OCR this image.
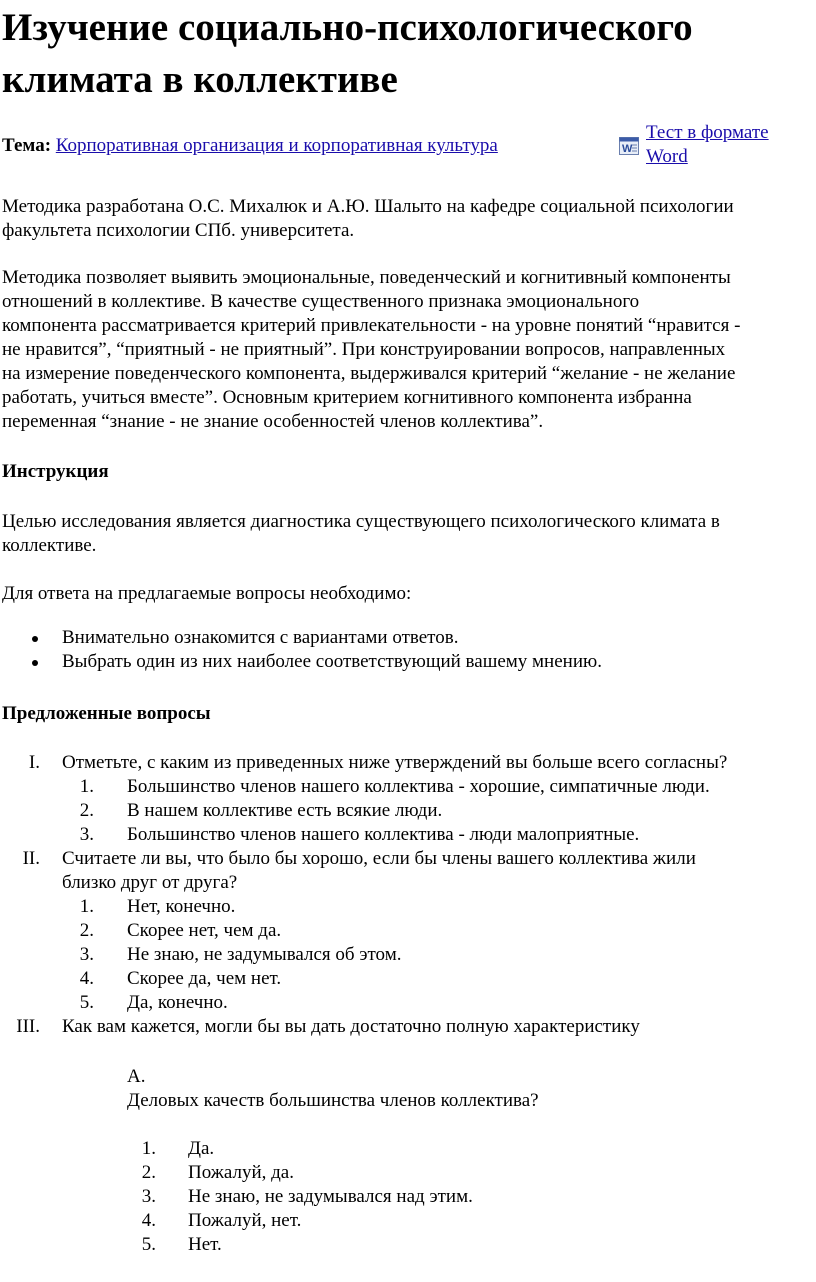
Изучение социально-психологического
климата в коллективе
Тема: Корпоративная организация и корпоративная культура	W
Тест в формате
Word

Методика разработана О.С. Михалюк и А.Ю. Шалыто на кафедре социальной психологии
факультета психологии СПб. университета.

Методика позволяет выявить эмоциональные, поведенческий и когнитивный компоненты
отношений в коллективе. В качестве существенного признака эмоционального
компонента рассматривается критерий привлекательности - на уровне понятий “нравится -
не нравится”, “приятный - не приятный”. При конструировании вопросов, направленных
на измерение поведенческого компонента, выдерживался критерий “желание - не желание
работать, учиться вместе”. Основным критерием когнитивного компонента избранна
переменная “знание - не знание особенностей членов коллектива”.

Инструкция

Целью исследования является диагностика существующего психологического климата в
коллективе.

Для ответа на предлагаемые вопросы необходимо:

Внимательно ознакомится с вариантами ответов.
Выбрать один из них наиболее соответствующий вашему мнению.

Предложенные вопросы

I. Отметьте, с каким из приведенных ниже утверждений вы больше всего согласны?
1. Большинство членов нашего коллектива - хорошие, симпатичные люди.
2. В нашем коллективе есть всякие люди.
3. Большинство членов нашего коллектива - люди малоприятные.
II. Считаете ли вы, что было бы хорошо, если бы члены вашего коллектива жили
близко друг от друга?
1. Нет, конечно.
2. Скорее нет, чем да.
3. Не знаю, не задумывался об этом.
4. Скорее да, чем нет.
5. Да, конечно.
III. Как вам кажется, могли бы вы дать достаточно полную характеристику
А.
Деловых качеств большинства членов коллектива?
1. Да.
2. Пожалуй, да.
3. Не знаю, не задумывался над этим.
4. Пожалуй, нет.
5. Нет.
